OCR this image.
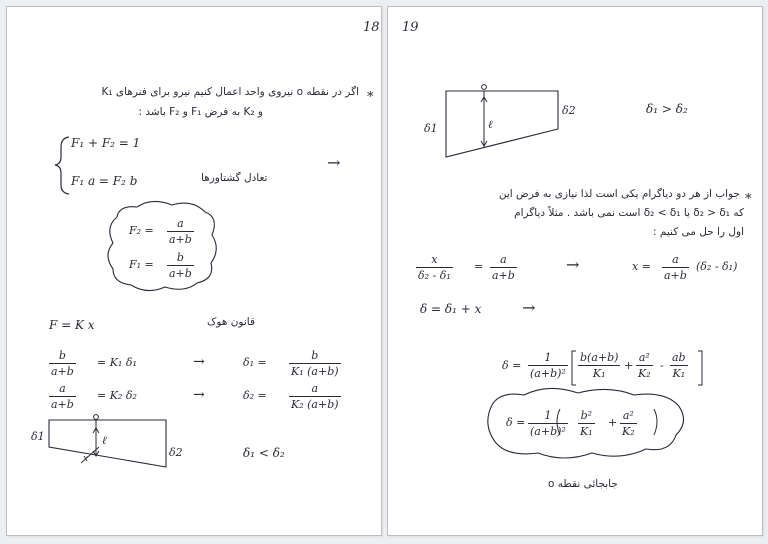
18
*
اگر در نقطه o نیروی واحد اعمال کنیم نیرو برای فنرهای K₁
و K₂ به فرض F₁ و F₂ باشد :
F₁ + F₂ = 1
F₁ a = F₂ b	تعادل گشتاورها
→
$F_2 = \frac{a}{a+b}$
$F_1 = \frac{b}{a+b}$
F = K x	قانون هوک
$\frac{b}{a+b} = K_1$ δ₁	→	$\delta_1 = \frac{b}{\text{K₁ (a+b)}}$
$\frac{a}{a+b} = K_2$ δ₂	→	$\delta_2 = \frac{a}{\text{K₂ (a+b)}}$
δ1
δ2
ℓ
x	δ₁ < δ₂
19
δ1
δ2
ℓ
δ₁ > δ₂
*
جواب از هر دو دیاگرام یکی است لذا نیازی به فرض این
که δ₂ > δ₁ یا δ₂ < δ₁ است نمی باشد . مثلاً دیاگرام
اول را حل می کنیم :
$\frac{x}{\text{δ₂ - δ₁}} = \frac{a}{a+b}$	→	$x = \frac{a}{a+b} (\delta_2 - \delta_1)$
δ = δ₁ + x	→
$\delta = \frac{1}{\text{(a+b)²}} \frac{b(a+b)}{\text{K₁}} + \frac{\text{a²}}{\text{K₂}} - \frac{ab}{\text{K₁}}$
$\delta = \frac{1}{\text{(a+b)²}} \frac{\text{b²}}{\text{K₁}} + \frac{\text{a²}}{\text{K₂}}$
جابجائی نقطه o
